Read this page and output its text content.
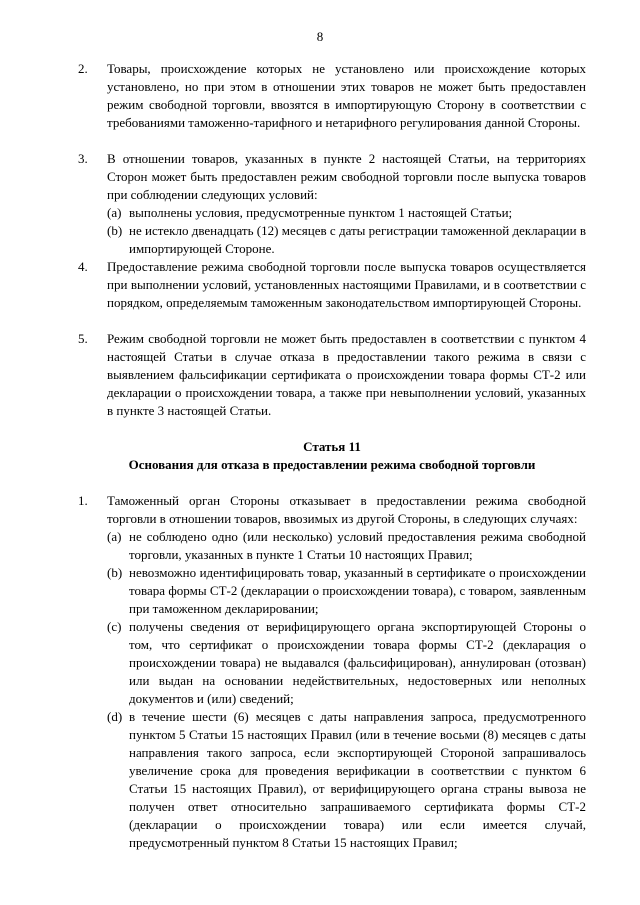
8
2.	Товары, происхождение которых не установлено или происхождение которых установлено, но при этом в отношении этих товаров не может быть предоставлен режим свободной торговли, ввозятся в импортирующую Сторону в соответствии с требованиями таможенно-тарифного и нетарифного регулирования данной Стороны.
3.	В отношении товаров, указанных в пункте 2 настоящей Статьи, на территориях Сторон может быть предоставлен режим свободной торговли после выпуска товаров при соблюдении следующих условий:
(a) выполнены условия, предусмотренные пунктом 1 настоящей Статьи;
(b) не истекло двенадцать (12) месяцев с даты регистрации таможенной декларации в импортирующей Стороне.
4.	Предоставление режима свободной торговли после выпуска товаров осуществляется при выполнении условий, установленных настоящими Правилами, и в соответствии с порядком, определяемым таможенным законодательством импортирующей Стороны.
5.	Режим свободной торговли не может быть предоставлен в соответствии с пунктом 4 настоящей Статьи в случае отказа в предоставлении такого режима в связи с выявлением фальсификации сертификата о происхождении товара формы СТ-2 или декларации о происхождении товара, а также при невыполнении условий, указанных в пункте 3 настоящей Статьи.
Статья 11
Основания для отказа в предоставлении режима свободной торговли
1.	Таможенный орган Стороны отказывает в предоставлении режима свободной торговли в отношении товаров, ввозимых из другой Стороны, в следующих случаях:
(a) не соблюдено одно (или несколько) условий предоставления режима свободной торговли, указанных в пункте 1 Статьи 10 настоящих Правил;
(b) невозможно идентифицировать товар, указанный в сертификате о происхождении товара формы СТ-2 (декларации о происхождении товара), с товаром, заявленным при таможенном декларировании;
(c) получены сведения от верифицирующего органа экспортирующей Стороны о том, что сертификат о происхождении товара формы СТ-2 (декларация о происхождении товара) не выдавался (фальсифицирован), аннулирован (отозван) или выдан на основании недействительных, недостоверных или неполных документов и (или) сведений;
(d) в течение шести (6) месяцев с даты направления запроса, предусмотренного пунктом 5 Статьи 15 настоящих Правил (или в течение восьми (8) месяцев с даты направления такого запроса, если экспортирующей Стороной запрашивалось увеличение срока для проведения верификации в соответствии с пунктом 6 Статьи 15 настоящих Правил), от верифицирующего органа страны вывоза не получен ответ относительно запрашиваемого сертификата формы СТ-2 (декларации о происхождении товара) или если имеется случай, предусмотренный пунктом 8 Статьи 15 настоящих Правил;
